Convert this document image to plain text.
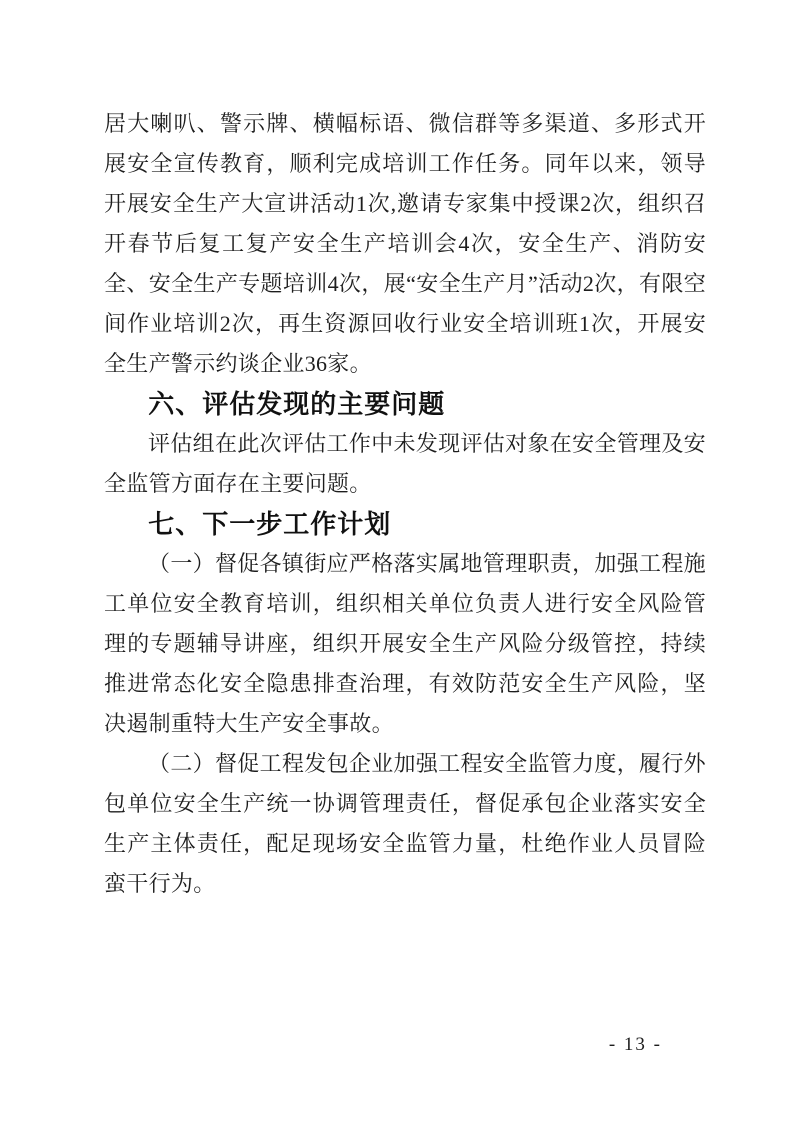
居大喇叭、警示牌、横幅标语、微信群等多渠道、多形式开展安全宣传教育，顺利完成培训工作任务。同年以来，领导开展安全生产大宣讲活动1次,邀请专家集中授课2次，组织召开春节后复工复产安全生产培训会4次，安全生产、消防安全、安全生产专题培训4次，展“安全生产月”活动2次，有限空间作业培训2次，再生资源回收行业安全培训班1次，开展安全生产警示约谈企业36家。

六、评估发现的主要问题

评估组在此次评估工作中未发现评估对象在安全管理及安全监管方面存在主要问题。

七、下一步工作计划

（一）督促各镇街应严格落实属地管理职责，加强工程施工单位安全教育培训，组织相关单位负责人进行安全风险管理的专题辅导讲座，组织开展安全生产风险分级管控，持续推进常态化安全隐患排查治理，有效防范安全生产风险，坚决遏制重特大生产安全事故。

（二）督促工程发包企业加强工程安全监管力度，履行外包单位安全生产统一协调管理责任，督促承包企业落实安全生产主体责任，配足现场安全监管力量，杜绝作业人员冒险蛮干行为。

- 13 -
